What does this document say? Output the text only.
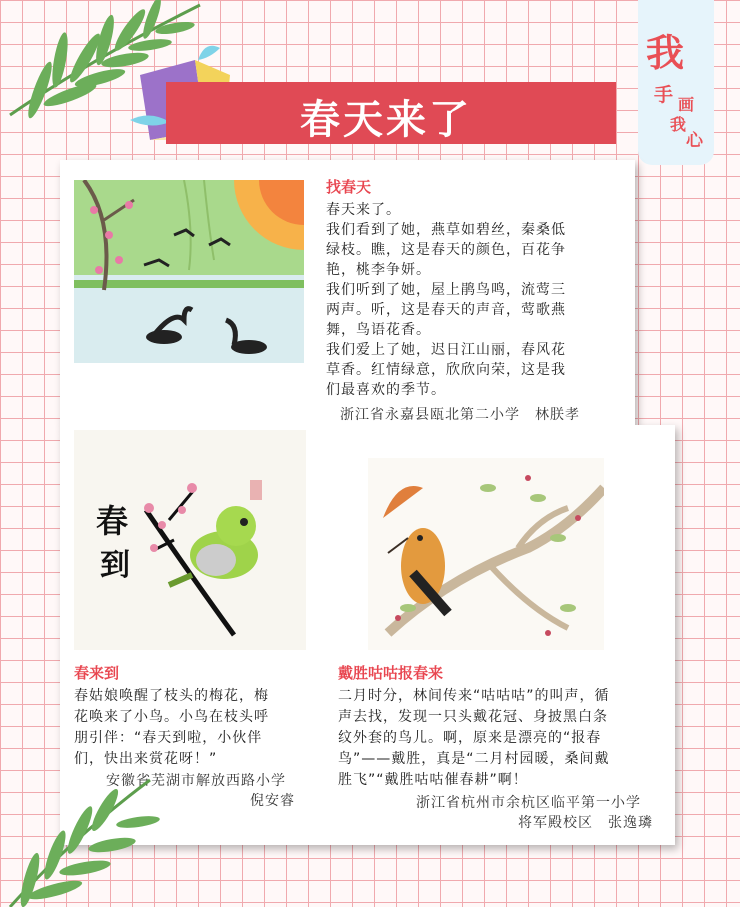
春天来了
我
手 画
我
心
找春天
春天来了。
我们看到了她，燕草如碧丝，秦桑低
绿枝。瞧，这是春天的颜色，百花争
艳，桃李争妍。
我们听到了她，屋上鹃鸟鸣，流莺三
两声。听，这是春天的声音，莺歌燕
舞，鸟语花香。
我们爱上了她，迟日江山丽，春风花
草香。红情绿意，欣欣向荣，这是我
们最喜欢的季节。
浙江省永嘉县瓯北第二小学　林朕孝
春
到
春来到
春姑娘唤醒了枝头的梅花，梅
花唤来了小鸟。小鸟在枝头呼
朋引伴：“春天到啦，小伙伴
们，快出来赏花呀！”
安徽省芜湖市解放西路小学
倪安睿
戴胜咕咕报春来
二月时分，林间传来“咕咕咕”的叫声，循
声去找，发现一只头戴花冠、身披黑白条
纹外套的鸟儿。啊，原来是漂亮的“报春
鸟”——戴胜，真是“二月村园暖，桑间戴
胜飞”“戴胜咕咕催春耕”啊！
浙江省杭州市余杭区临平第一小学
将军殿校区　张逸璘
